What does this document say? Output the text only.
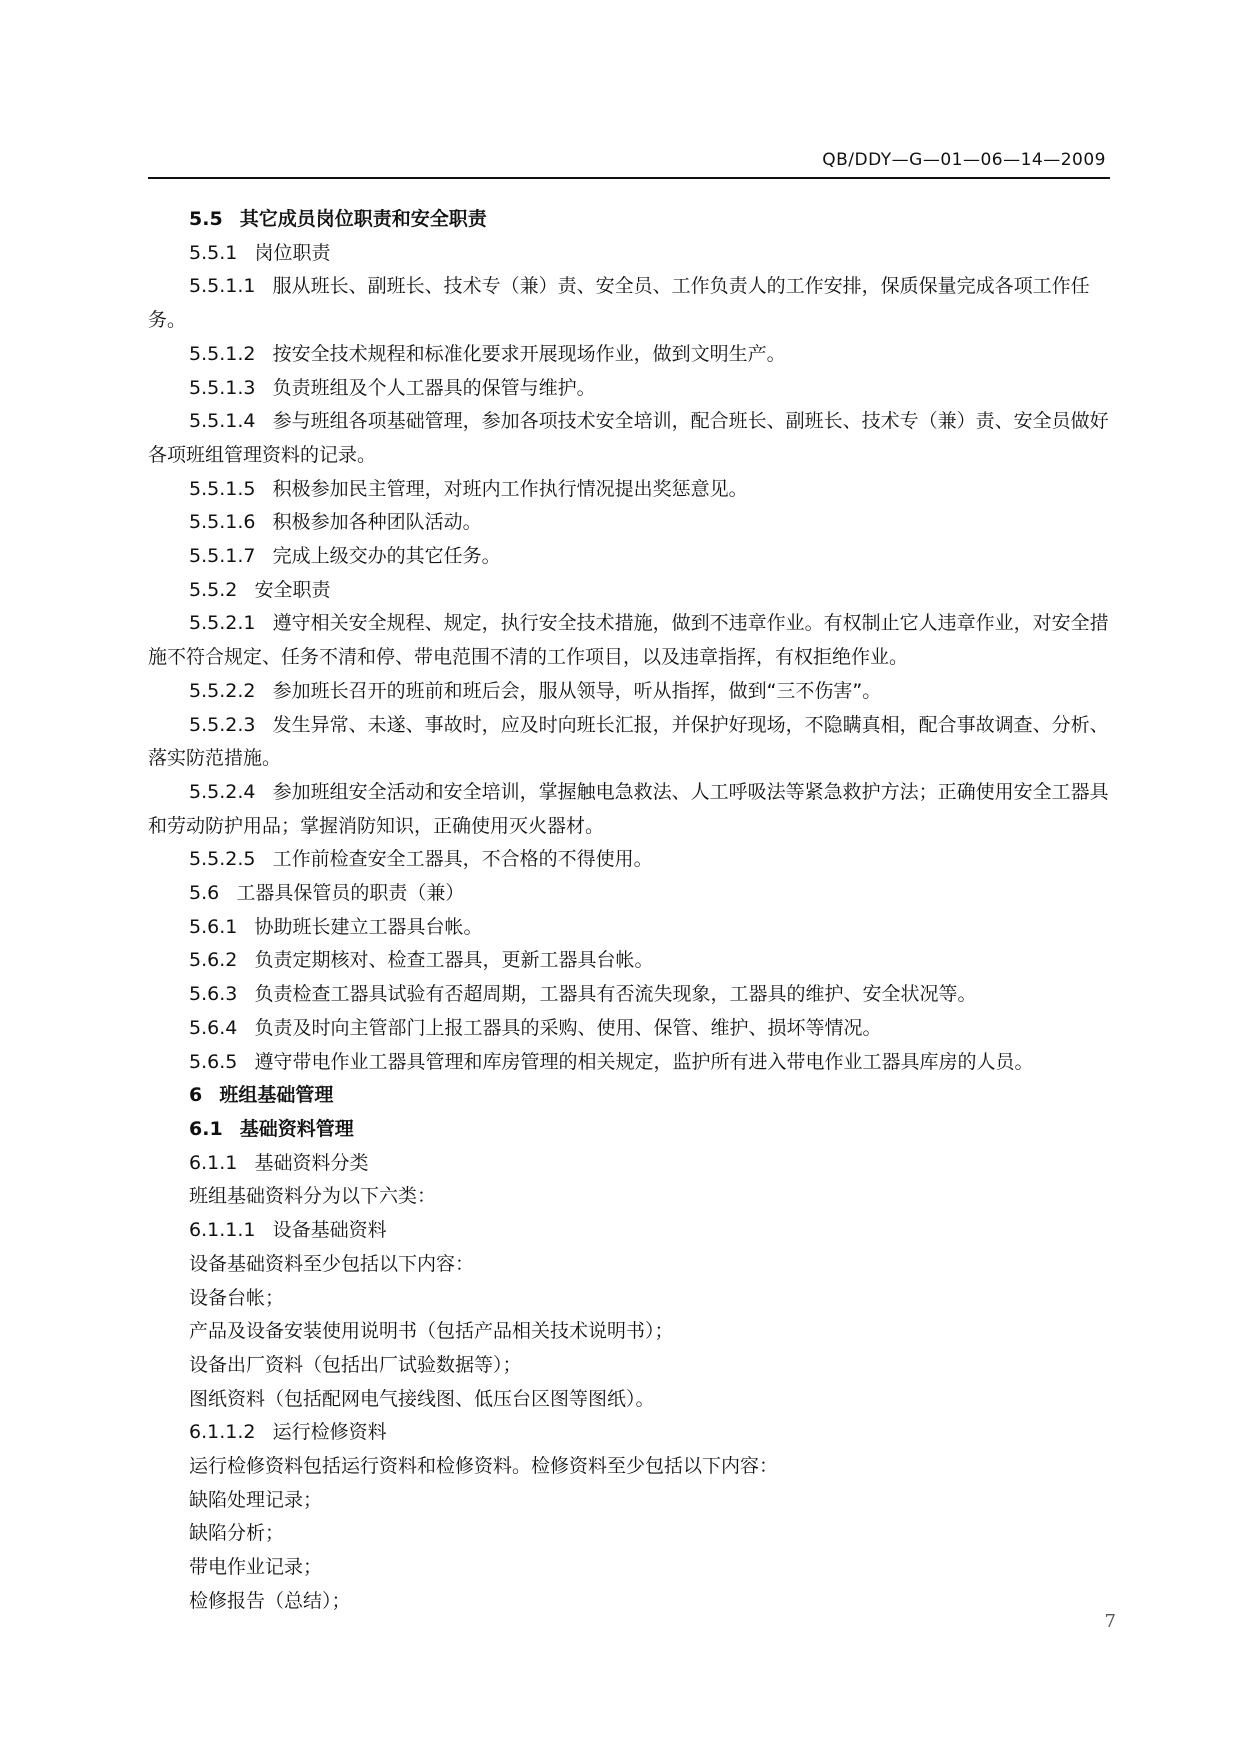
QB/DDY—G—01—06—14—2009

5.5 其它成员岗位职责和安全职责

5.5.1 岗位职责

5.5.1.1 服从班长、副班长、技术专（兼）责、安全员、工作负责人的工作安排，保质保量完成各项工作任务。

5.5.1.2 按安全技术规程和标准化要求开展现场作业，做到文明生产。

5.5.1.3 负责班组及个人工器具的保管与维护。

5.5.1.4 参与班组各项基础管理，参加各项技术安全培训，配合班长、副班长、技术专（兼）责、安全员做好各项班组管理资料的记录。

5.5.1.5 积极参加民主管理，对班内工作执行情况提出奖惩意见。

5.5.1.6 积极参加各种团队活动。

5.5.1.7 完成上级交办的其它任务。

5.5.2 安全职责

5.5.2.1 遵守相关安全规程、规定，执行安全技术措施，做到不违章作业。有权制止它人违章作业，对安全措施不符合规定、任务不清和停、带电范围不清的工作项目，以及违章指挥，有权拒绝作业。

5.5.2.2 参加班长召开的班前和班后会，服从领导，听从指挥，做到“三不伤害”。

5.5.2.3 发生异常、未遂、事故时，应及时向班长汇报，并保护好现场，不隐瞒真相，配合事故调查、分析、落实防范措施。

5.5.2.4 参加班组安全活动和安全培训，掌握触电急救法、人工呼吸法等紧急救护方法；正确使用安全工器具和劳动防护用品；掌握消防知识，正确使用灭火器材。

5.5.2.5 工作前检查安全工器具，不合格的不得使用。

5.6 工器具保管员的职责（兼）

5.6.1 协助班长建立工器具台帐。

5.6.2 负责定期核对、检查工器具，更新工器具台帐。

5.6.3 负责检查工器具试验有否超周期，工器具有否流失现象，工器具的维护、安全状况等。

5.6.4 负责及时向主管部门上报工器具的采购、使用、保管、维护、损坏等情况。

5.6.5 遵守带电作业工器具管理和库房管理的相关规定，监护所有进入带电作业工器具库房的人员。

6 班组基础管理

6.1 基础资料管理

6.1.1 基础资料分类

班组基础资料分为以下六类：

6.1.1.1 设备基础资料

设备基础资料至少包括以下内容：

设备台帐；

产品及设备安装使用说明书（包括产品相关技术说明书）；

设备出厂资料（包括出厂试验数据等）；

图纸资料（包括配网电气接线图、低压台区图等图纸）。

6.1.1.2 运行检修资料

运行检修资料包括运行资料和检修资料。检修资料至少包括以下内容：

缺陷处理记录；

缺陷分析；

带电作业记录；

检修报告（总结）；

7
